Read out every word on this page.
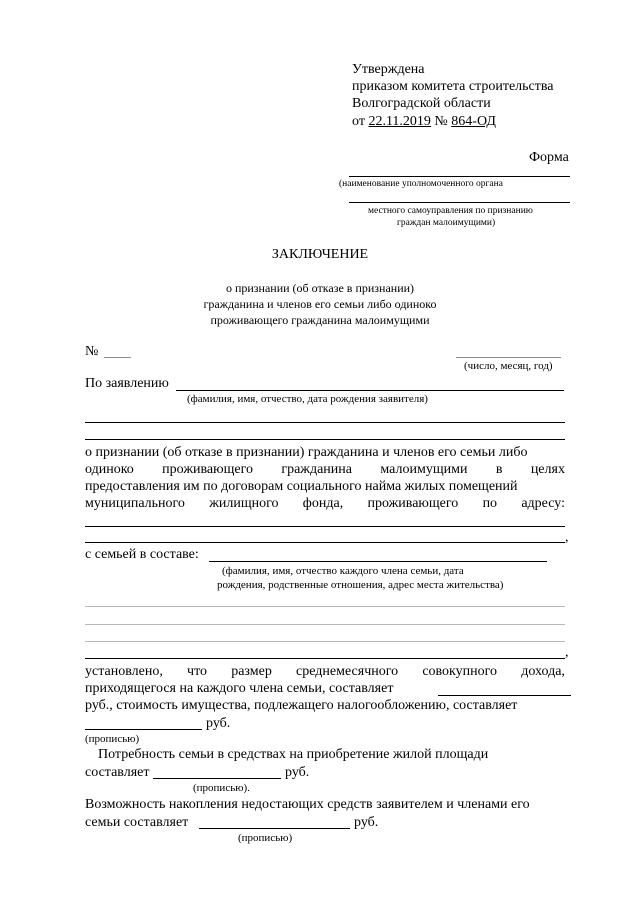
Утверждена
приказом комитета строительства
Волгоградской области
от 22.11.2019 № 864-ОД
Форма
(наименование уполномоченного органа
местного самоуправления по признанию
граждан малоимущими)
ЗАКЛЮЧЕНИЕ
о признании (об отказе в признании)
гражданина и членов его семьи либо одиноко
проживающего гражданина малоимущими
№
(число, месяц, год)
По заявлению
(фамилия, имя, отчество, дата рождения заявителя)
о признании (об отказе в признании) гражданина и членов его семьи либо
одиноко проживающего гражданина малоимущими в целях
предоставления им по договорам социального найма жилых помещений
муниципального жилищного фонда, проживающего по адресу:
,
с семьей в составе:
(фамилия, имя, отчество каждого члена семьи, дата
рождения, родственные отношения, адрес места жительства)
,
установлено, что размер среднемесячного совокупного дохода,
приходящегося на каждого члена семьи, составляет
руб., стоимость имущества, подлежащего налогообложению, составляет
руб.
(прописью)
Потребность семьи в средствах на приобретение жилой площади
составляет	руб.
(прописью).
Возможность накопления недостающих средств заявителем и членами его
семьи составляет	руб.
(прописью)
